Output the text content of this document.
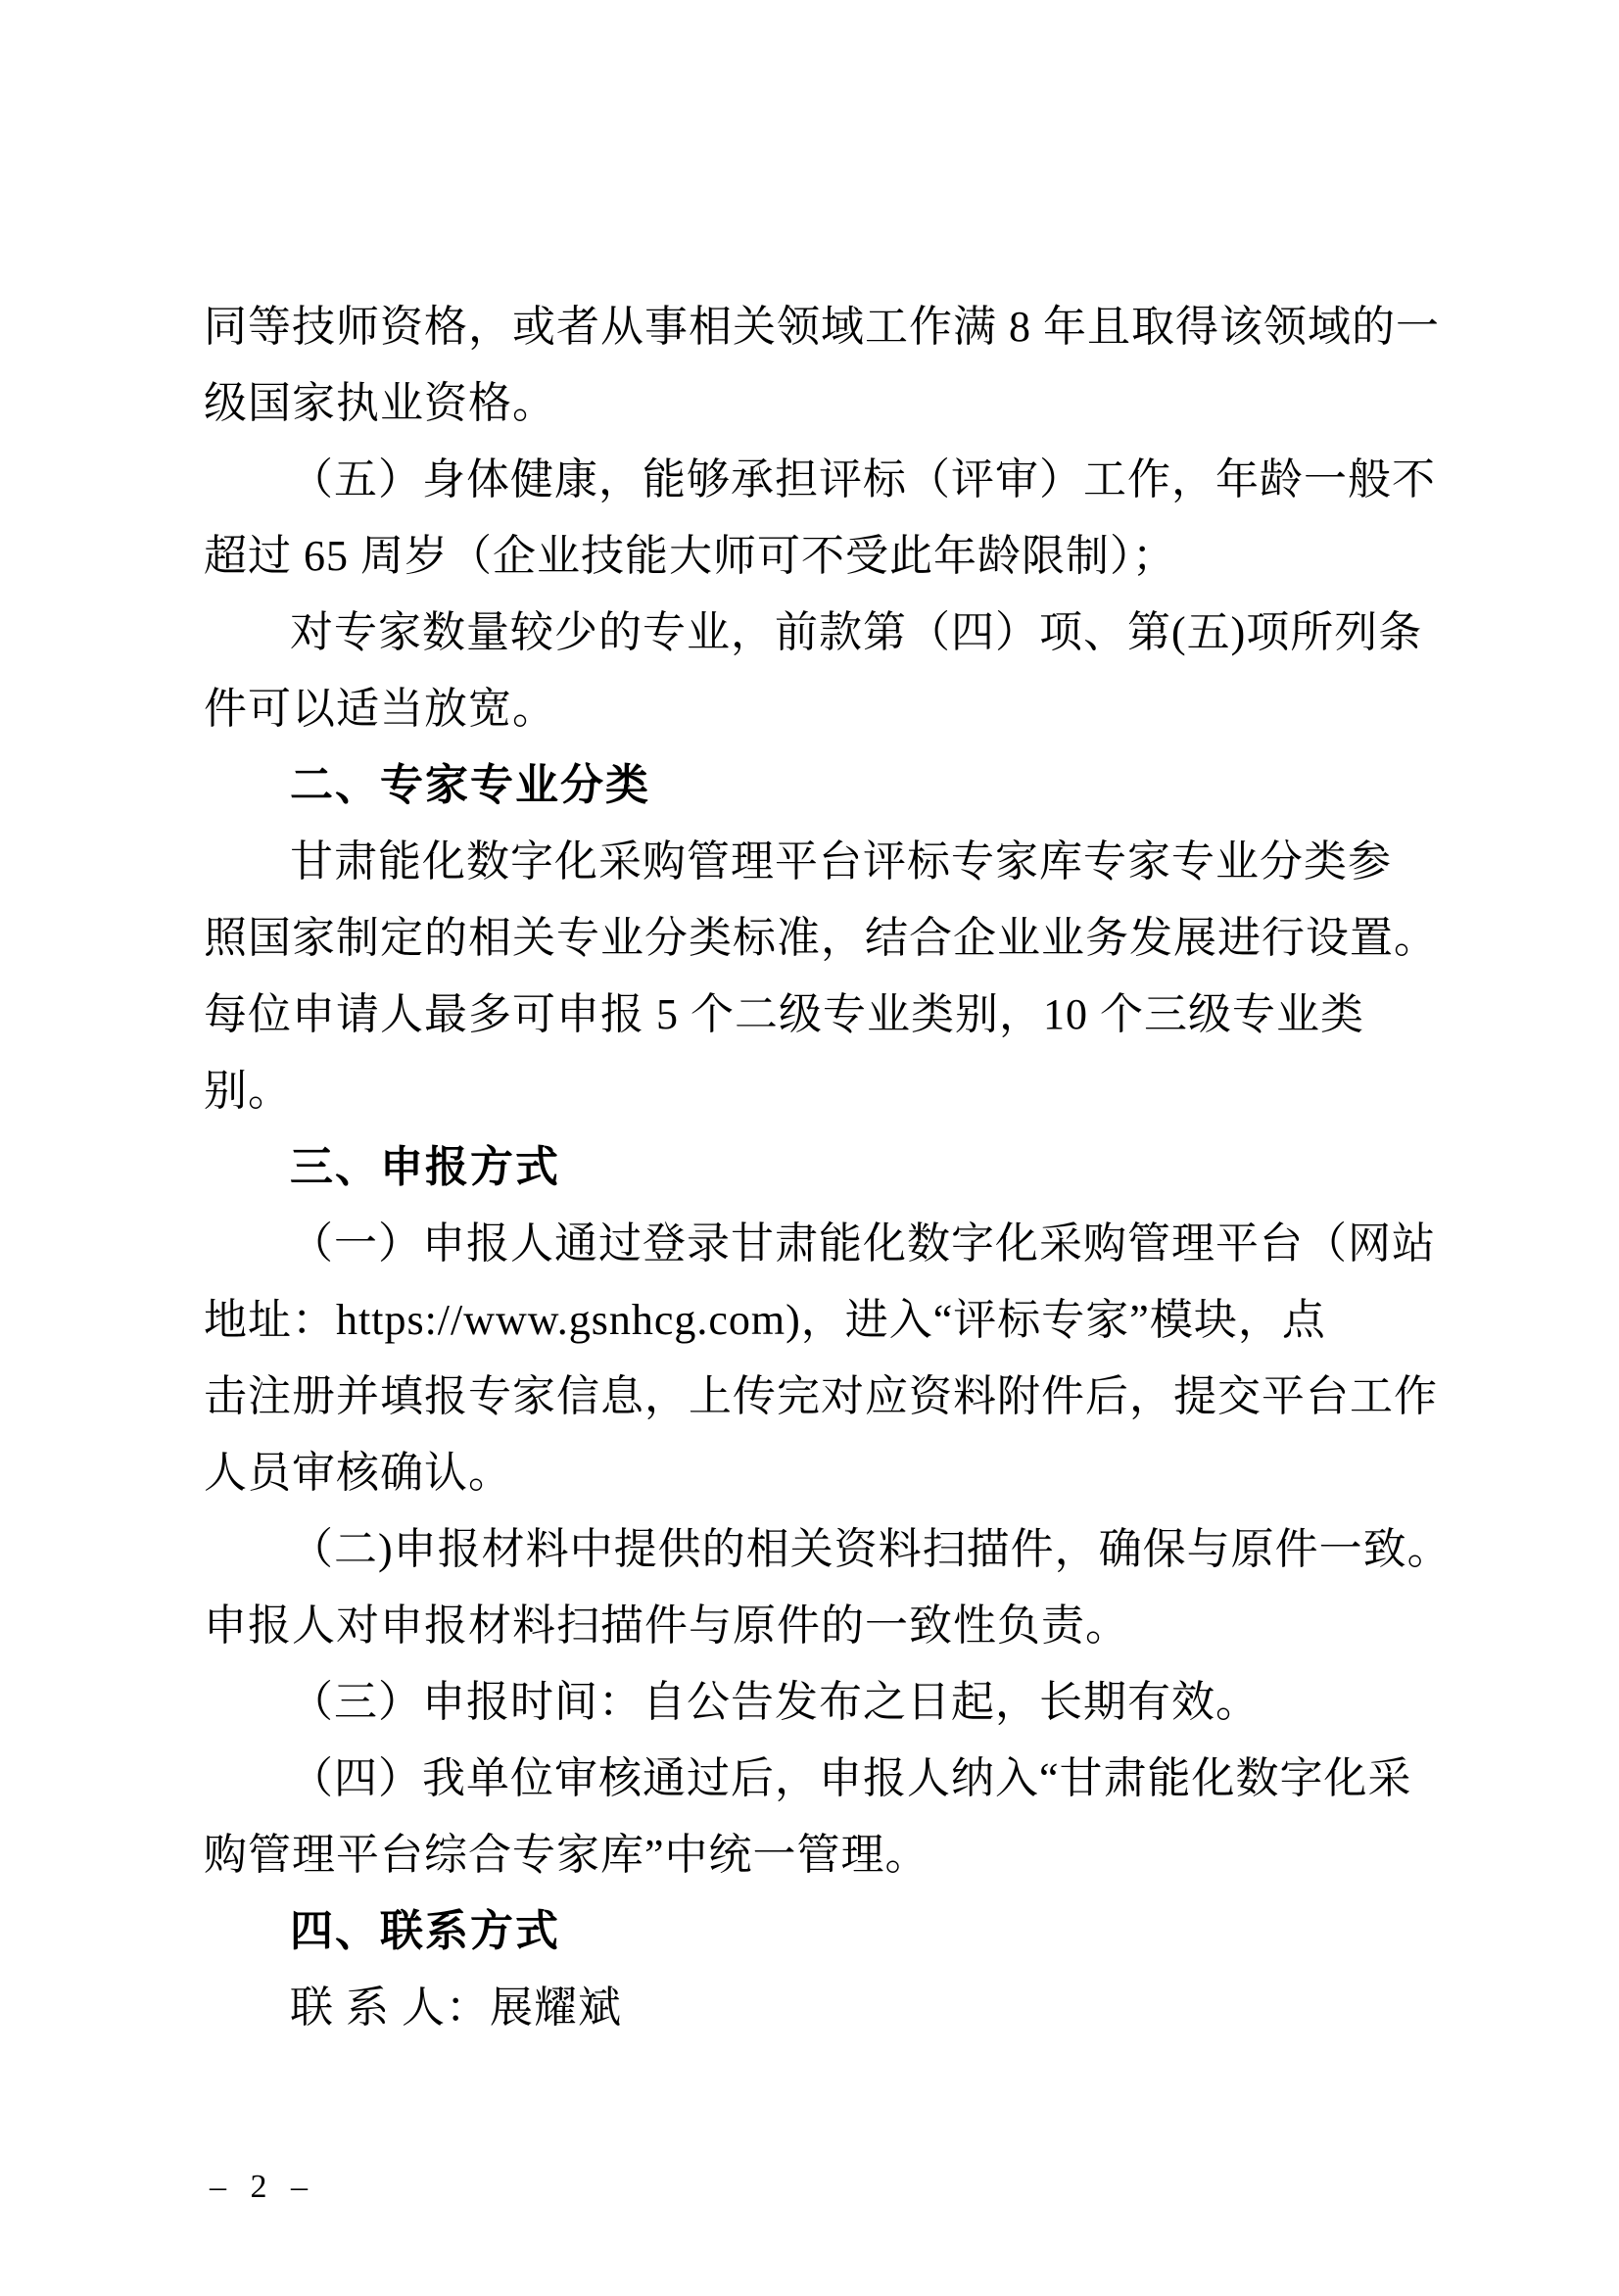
同等技师资格，或者从事相关领域工作满 8 年且取得该领域的一
级国家执业资格。
（五）身体健康，能够承担评标（评审）工作，年龄一般不
超过 65 周岁（企业技能大师可不受此年龄限制）；
对专家数量较少的专业，前款第（四）项、第(五)项所列条
件可以适当放宽。
二、专家专业分类
甘肃能化数字化采购管理平台评标专家库专家专业分类参
照国家制定的相关专业分类标准，结合企业业务发展进行设置。
每位申请人最多可申报 5 个二级专业类别，10 个三级专业类
别。
三、申报方式
（一）申报人通过登录甘肃能化数字化采购管理平台（网站
地址：https://www.gsnhcg.com)，进入“评标专家”模块，点
击注册并填报专家信息，上传完对应资料附件后，提交平台工作
人员审核确认。
（二)申报材料中提供的相关资料扫描件，确保与原件一致。
申报人对申报材料扫描件与原件的一致性负责。
（三）申报时间：自公告发布之日起，长期有效。
（四）我单位审核通过后，申报人纳入“甘肃能化数字化采
购管理平台综合专家库”中统一管理。
四、联系方式
联 系 人：展耀斌
– 2 –
